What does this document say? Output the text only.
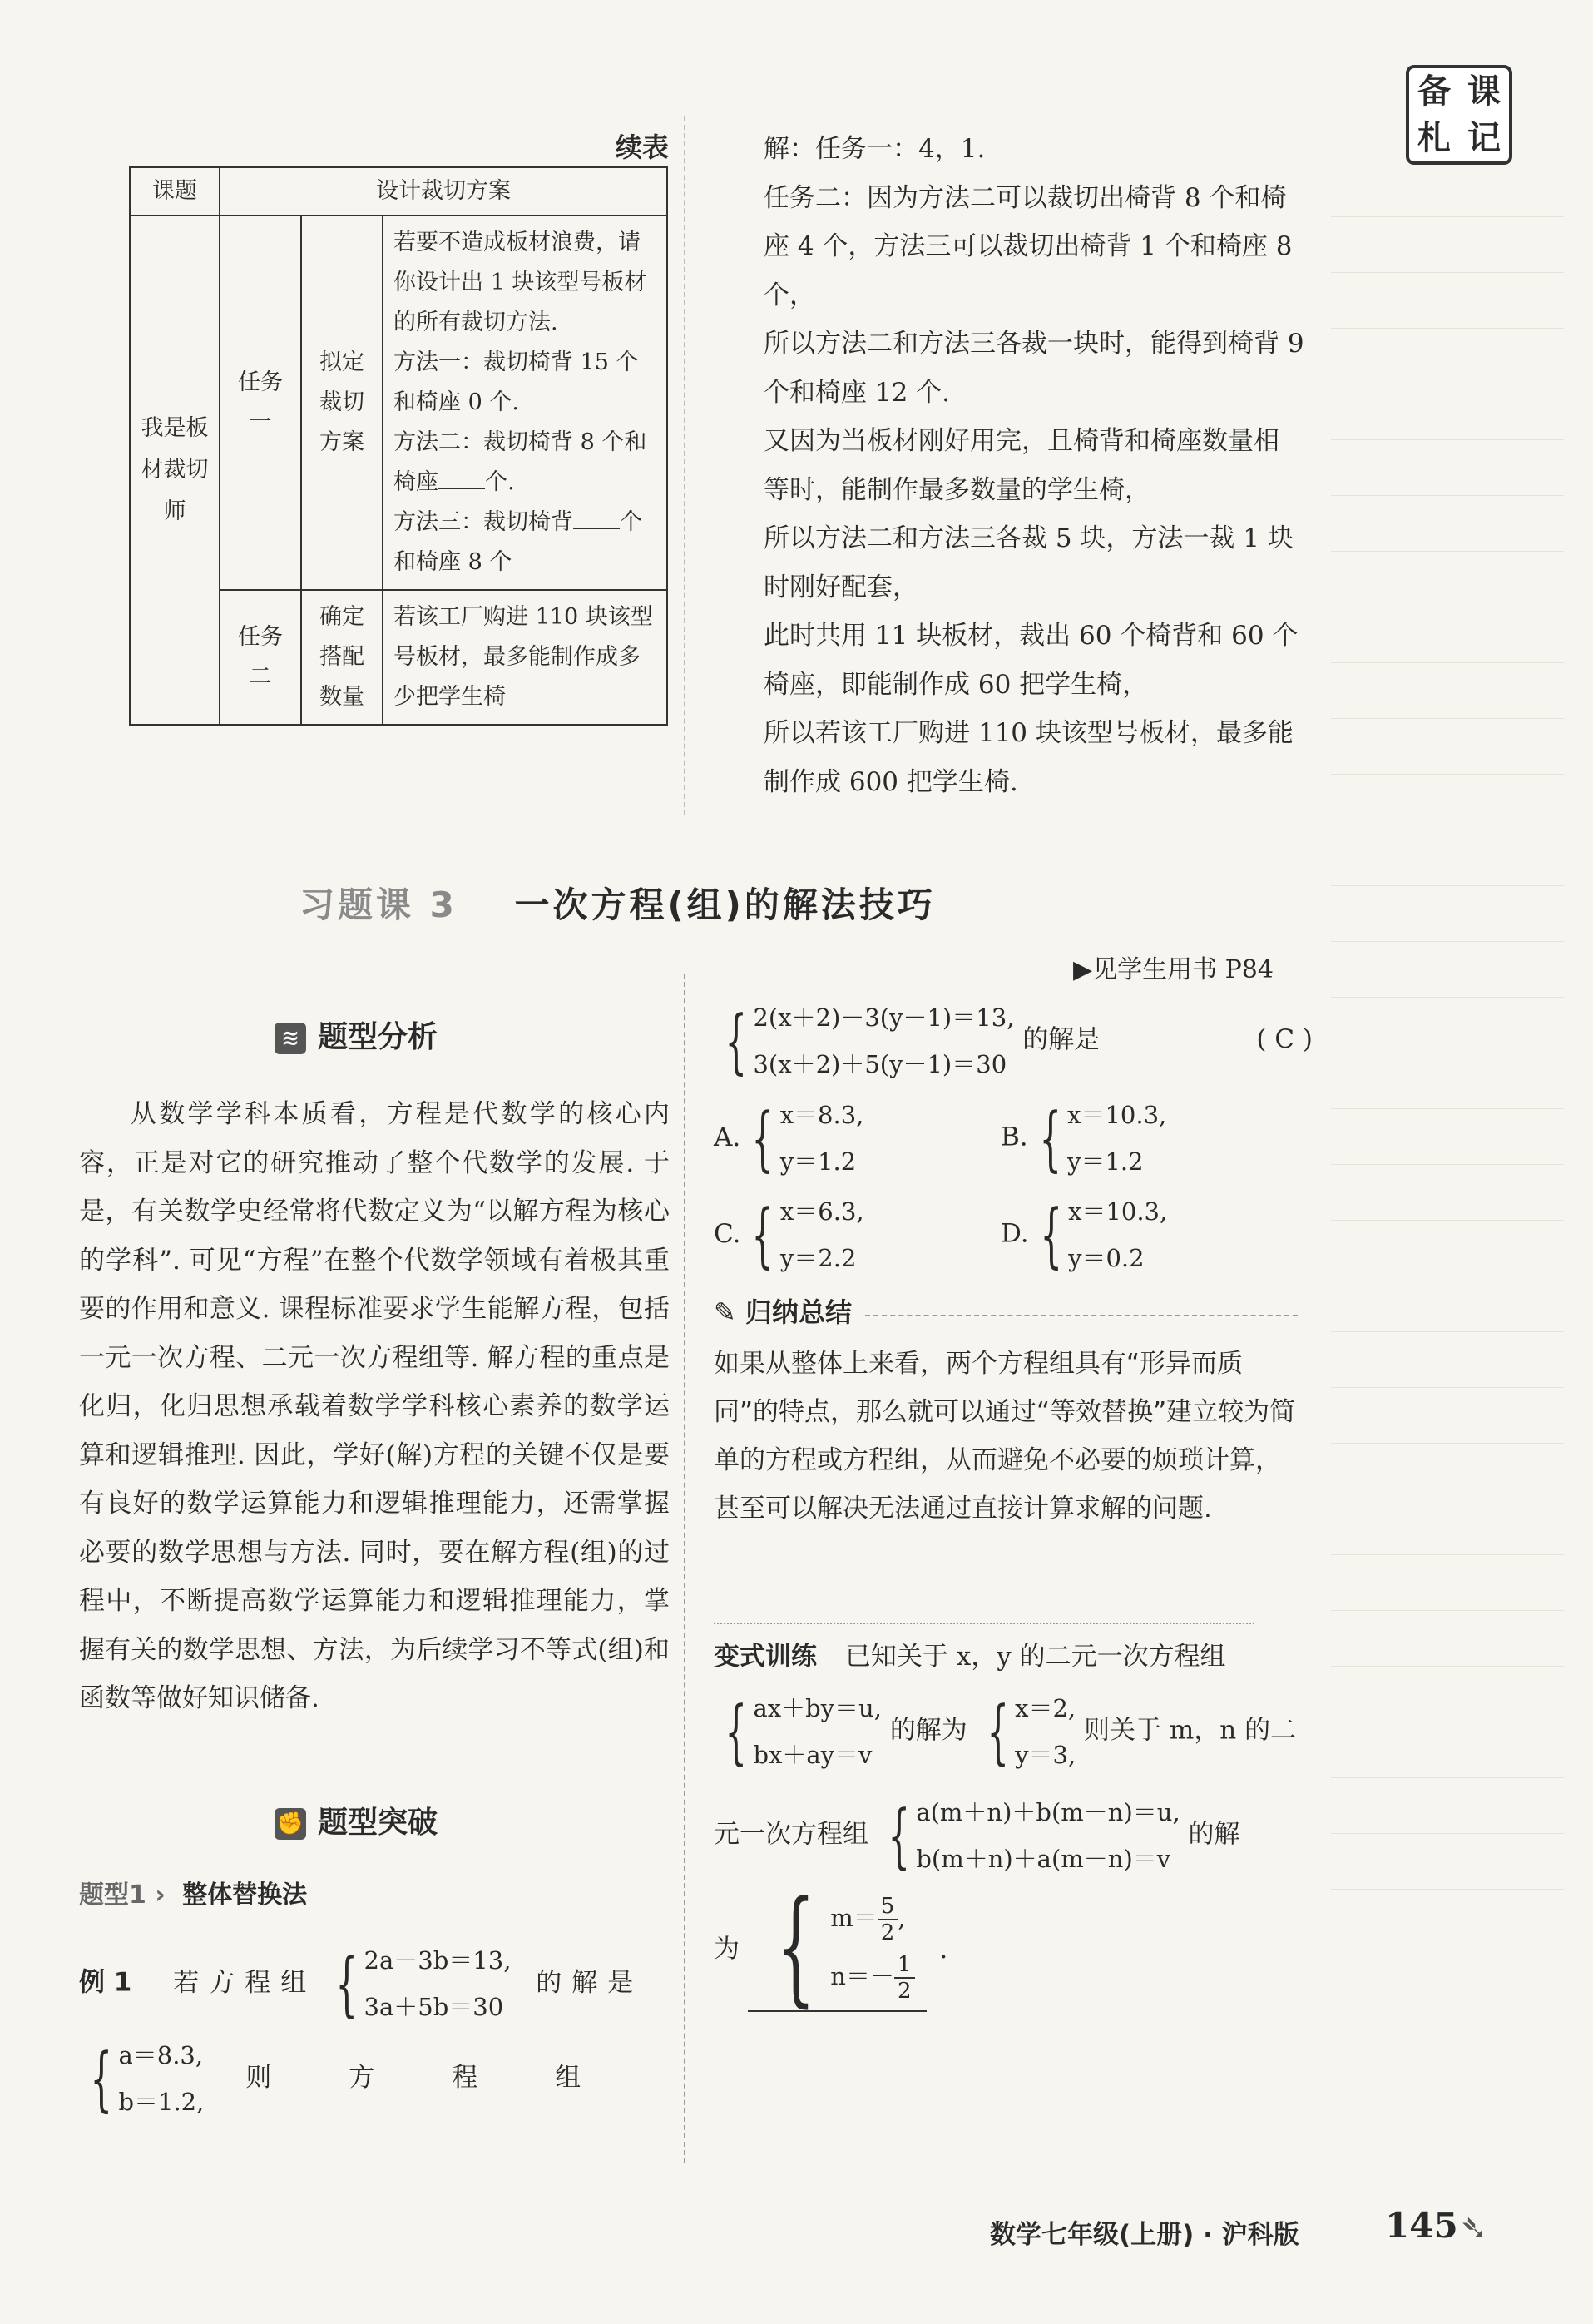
备 课
札 记
续表
课题	设计裁切方案		
我是板材裁切师	任务一	拟定裁切方案	若要不造成板材浪费，请你设计出 1 块该型号板材的所有裁切方法.
方法一：裁切椅背 15 个和椅座 0 个.
方法二：裁切椅背 8 个和椅座 个.
方法三：裁切椅背 个和椅座 8 个

	任务二	确定搭配数量	若该工厂购进 110 块该型号板材，最多能制作成多少把学生椅

解：任务一：4，1.

任务二：因为方法二可以裁切出椅背 8 个和椅座 4 个，方法三可以裁切出椅背 1 个和椅座 8 个，

所以方法二和方法三各裁一块时，能得到椅背 9 个和椅座 12 个.

又因为当板材刚好用完，且椅背和椅座数量相等时，能制作最多数量的学生椅，

所以方法二和方法三各裁 5 块，方法一裁 1 块时刚好配套，

此时共用 11 块板材，裁出 60 个椅背和 60 个椅座，即能制作成 60 把学生椅，

所以若该工厂购进 110 块该型号板材，最多能制作成 600 把学生椅.

习题课 3 一次方程(组)的解法技巧
▶见学生用书 P84
≋ 题型分析
从数学学科本质看，方程是代数学的核心内容，正是对它的研究推动了整个代数学的发展. 于是，有关数学史经常将代数定义为“以解方程为核心的学科”. 可见“方程”在整个代数学领域有着极其重要的作用和意义. 课程标准要求学生能解方程，包括一元一次方程、二元一次方程组等. 解方程的重点是化归，化归思想承载着数学学科核心素养的数学运算和逻辑推理. 因此，学好(解)方程的关键不仅是要有良好的数学运算能力和逻辑推理能力，还需掌握必要的数学思想与方法. 同时，要在解方程(组)的过程中，不断提高数学运算能力和逻辑推理能力，掌握有关的数学思想、方法，为后续学习不等式(组)和函数等做好知识储备.
✊ 题型突破
题型1 › 整体替换法
例 1 若方程组 { 2a－3b＝13,
3a＋5b＝30
的解是
{ a＝8.3,
b＝1.2,
则　　　方　　　程　　　组
{ 2(x＋2)－3(y－1)＝13,
3(x＋2)＋5(y－1)＝30
的解是	( C )
A. { x＝8.3,
y＝1.2
B. { x＝10.3,
y＝1.2
C. { x＝6.3,
y＝2.2
D. { x＝10.3,
y＝0.2
✎ 归纳总结
如果从整体上来看，两个方程组具有“形异而质同”的特点，那么就可以通过“等效替换”建立较为简单的方程或方程组，从而避免不必要的烦琐计算，甚至可以解决无法通过直接计算求解的问题.
变式训练 已知关于 x，y 的二元一次方程组
{ ax＋by＝u,
bx＋ay＝v
的解为 { x＝2,
y＝3,
则关于 m，n 的二
元一次方程组 { a(m＋n)＋b(m－n)＝u,
b(m＋n)＋a(m－n)＝v
的解
为 { $m= \frac{5}{2}$ ,
$n=- \frac{1}{2}$
.
数学七年级(上册) · 沪科版 145 ➴
